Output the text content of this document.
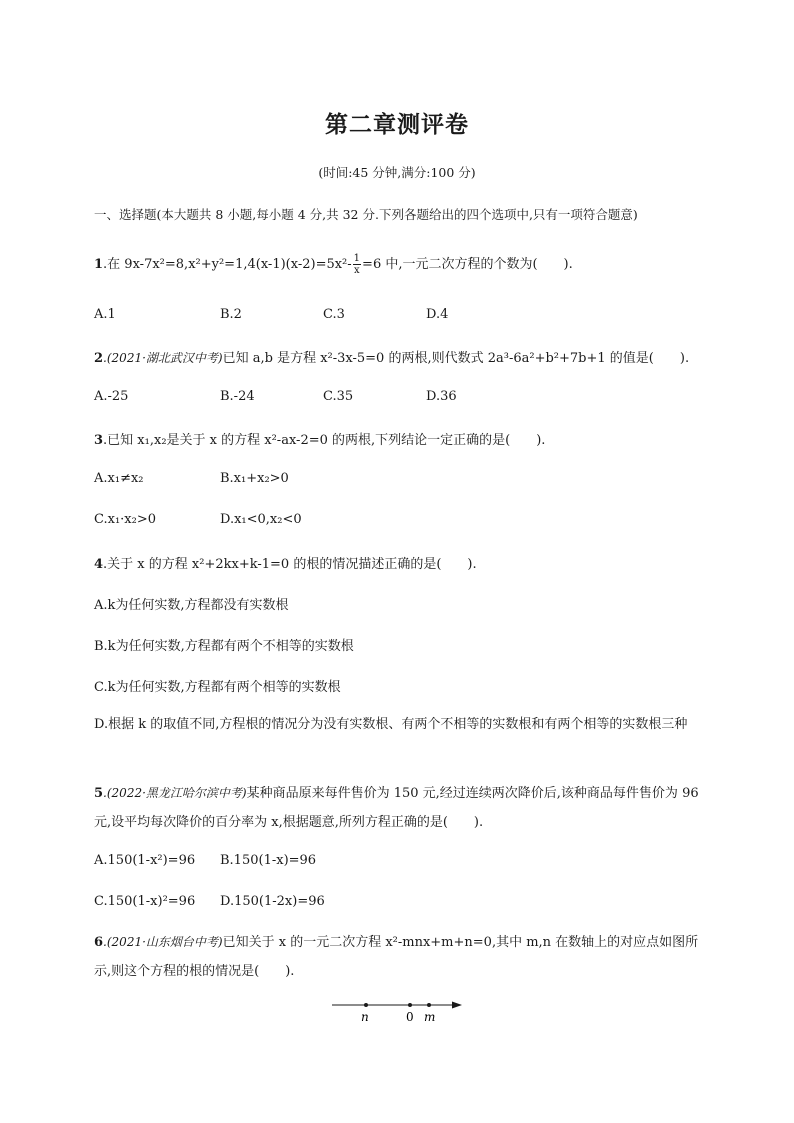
第二章测评卷
(时间:45 分钟,满分:100 分)
一、选择题(本大题共 8 小题,每小题 4 分,共 32 分.下列各题给出的四个选项中,只有一项符合题意)
1.在 $9x-7x^2=8,x^2+y^2=1,4(x-1)(x-2)=5x^2- \frac{1}{x} =6$ 中,一元二次方程的个数为(　　).
A.1	B.2	C.3	D.4
2.(2021·湖北武汉中考)已知 a,b 是方程 x²-3x-5=0 的两根,则代数式 2a³-6a²+b²+7b+1 的值是(　　).
A.-25	B.-24	C.35	D.36
3.已知 x₁,x₂是关于 x 的方程 x²-ax-2=0 的两根,下列结论一定正确的是(　　).
A.x₁≠x₂	B.x₁+x₂>0
C.x₁·x₂>0	D.x₁<0,x₂<0
4.关于 x 的方程 x²+2kx+k-1=0 的根的情况描述正确的是(　　).
A.k为任何实数,方程都没有实数根
B.k为任何实数,方程都有两个不相等的实数根
C.k为任何实数,方程都有两个相等的实数根
D.根据 k 的取值不同,方程根的情况分为没有实数根、有两个不相等的实数根和有两个相等的实数根三种
5.(2022·黑龙江哈尔滨中考)某种商品原来每件售价为 150 元,经过连续两次降价后,该种商品每件售价为 96 元,设平均每次降价的百分率为 x,根据题意,所列方程正确的是(　　).
A.150(1-x²)=96 B.150(1-x)=96
C.150(1-x)²=96 D.150(1-2x)=96
6.(2021·山东烟台中考)已知关于 x 的一元二次方程 x²-mnx+m+n=0,其中 m,n 在数轴上的对应点如图所示,则这个方程的根的情况是(　　).
n	0 m
